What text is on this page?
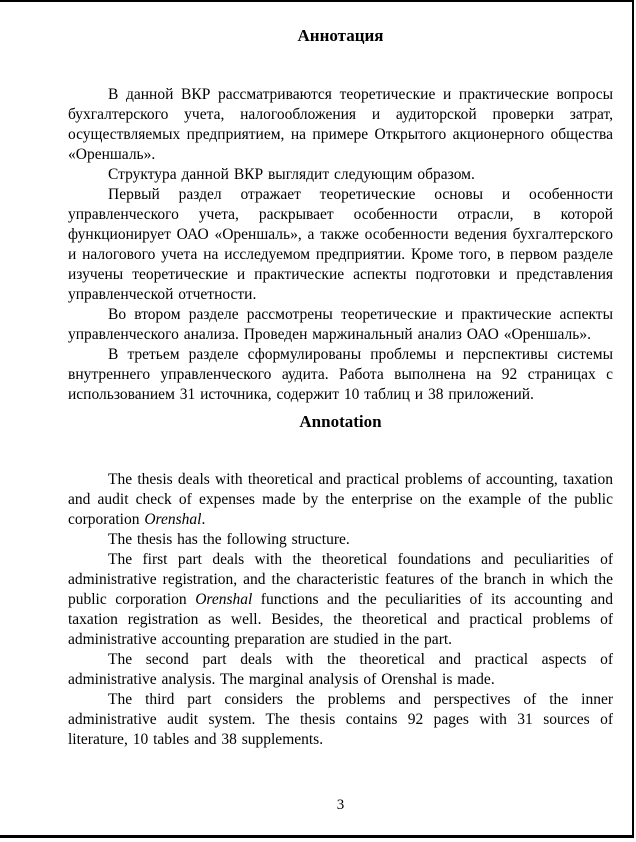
Аннотация

В данной ВКР рассматриваются теоретические и практические вопросы бухгалтерского учета, налогообложения и аудиторской проверки затрат, осуществляемых предприятием, на примере Открытого акционерного общества «Ореншаль».

Структура данной ВКР выглядит следующим образом.

Первый раздел отражает теоретические основы и особенности управленческого учета, раскрывает особенности отрасли, в которой функционирует ОАО «Ореншаль», а также особенности ведения бухгалтерского и налогового учета на исследуемом предприятии. Кроме того, в первом разделе изучены теоретические и практические аспекты подготовки и представления управленческой отчетности.

Во втором разделе рассмотрены теоретические и практические аспекты управленческого анализа. Проведен маржинальный анализ ОАО «Ореншаль».

В третьем разделе сформулированы проблемы и перспективы системы внутреннего управленческого аудита. Работа выполнена на 92 страницах с использованием 31 источника, содержит 10 таблиц и 38 приложений.

Annotation

The thesis deals with theoretical and practical problems of accounting, taxation and audit check of expenses made by the enterprise on the example of the public corporation Orenshal.

The thesis has the following structure.

The first part deals with the theoretical foundations and peculiarities of administrative registration, and the characteristic features of the branch in which the public corporation Orenshal functions and the peculiarities of its accounting and taxation registration as well. Besides, the theoretical and practical problems of administrative accounting preparation are studied in the part.

The second part deals with the theoretical and practical aspects of administrative analysis. The marginal analysis of Orenshal is made.

The third part considers the problems and perspectives of the inner administrative audit system. The thesis contains 92 pages with 31 sources of literature, 10 tables and 38 supplements.

3
